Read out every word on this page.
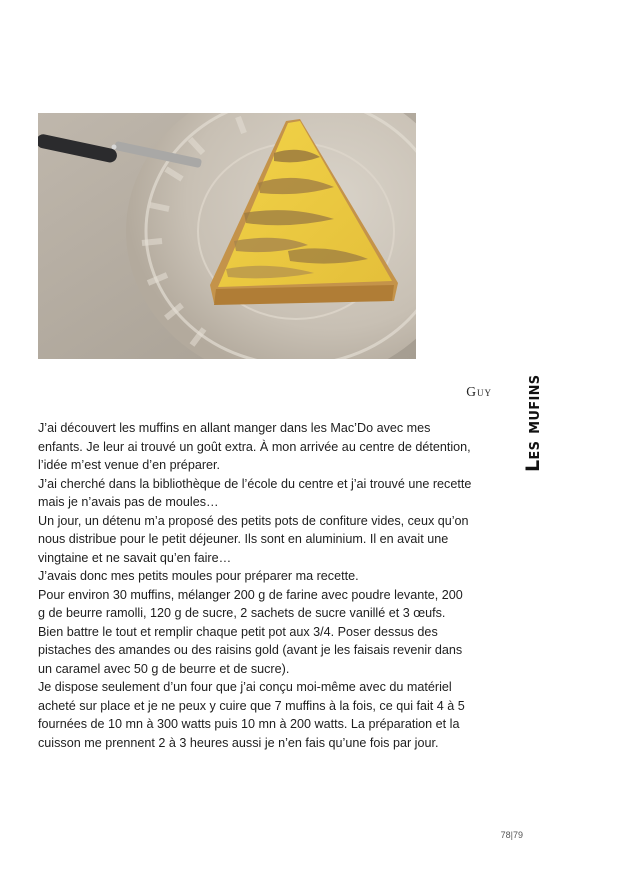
Les mufins
Guy

J’ai découvert les muffins en allant manger dans les Mac’Do avec mes enfants. Je leur ai trouvé un goût extra. À mon arrivée au centre de détention, l’idée m’est venue d’en préparer.

J’ai cherché dans la bibliothèque de l’école du centre et j’ai trouvé une recette mais je n’avais pas de moules…

Un jour, un détenu m’a proposé des petits pots de confiture vides, ceux qu’on nous distribue pour le petit déjeuner. Ils sont en aluminium. Il en avait une vingtaine et ne savait qu’en faire…

J’avais donc mes petits moules pour préparer ma recette.

Pour environ 30 muffins, mélanger 200 g de farine avec poudre levante, 200 g de beurre ramolli, 120 g de sucre, 2 sachets de sucre vanillé et 3 œufs.

Bien battre le tout et remplir chaque petit pot aux 3/4. Poser dessus des pistaches des amandes ou des raisins gold (avant je les faisais revenir dans un caramel avec 50 g de beurre et de sucre).

Je dispose seulement d’un four que j’ai conçu moi-même avec du matériel acheté sur place et je ne peux y cuire que 7 muffins à la fois, ce qui fait 4 à 5 fournées de 10 mn à 300 watts puis 10 mn à 200 watts. La préparation et la cuisson me prennent 2 à 3 heures aussi je n’en fais qu’une fois par jour.

78|79
